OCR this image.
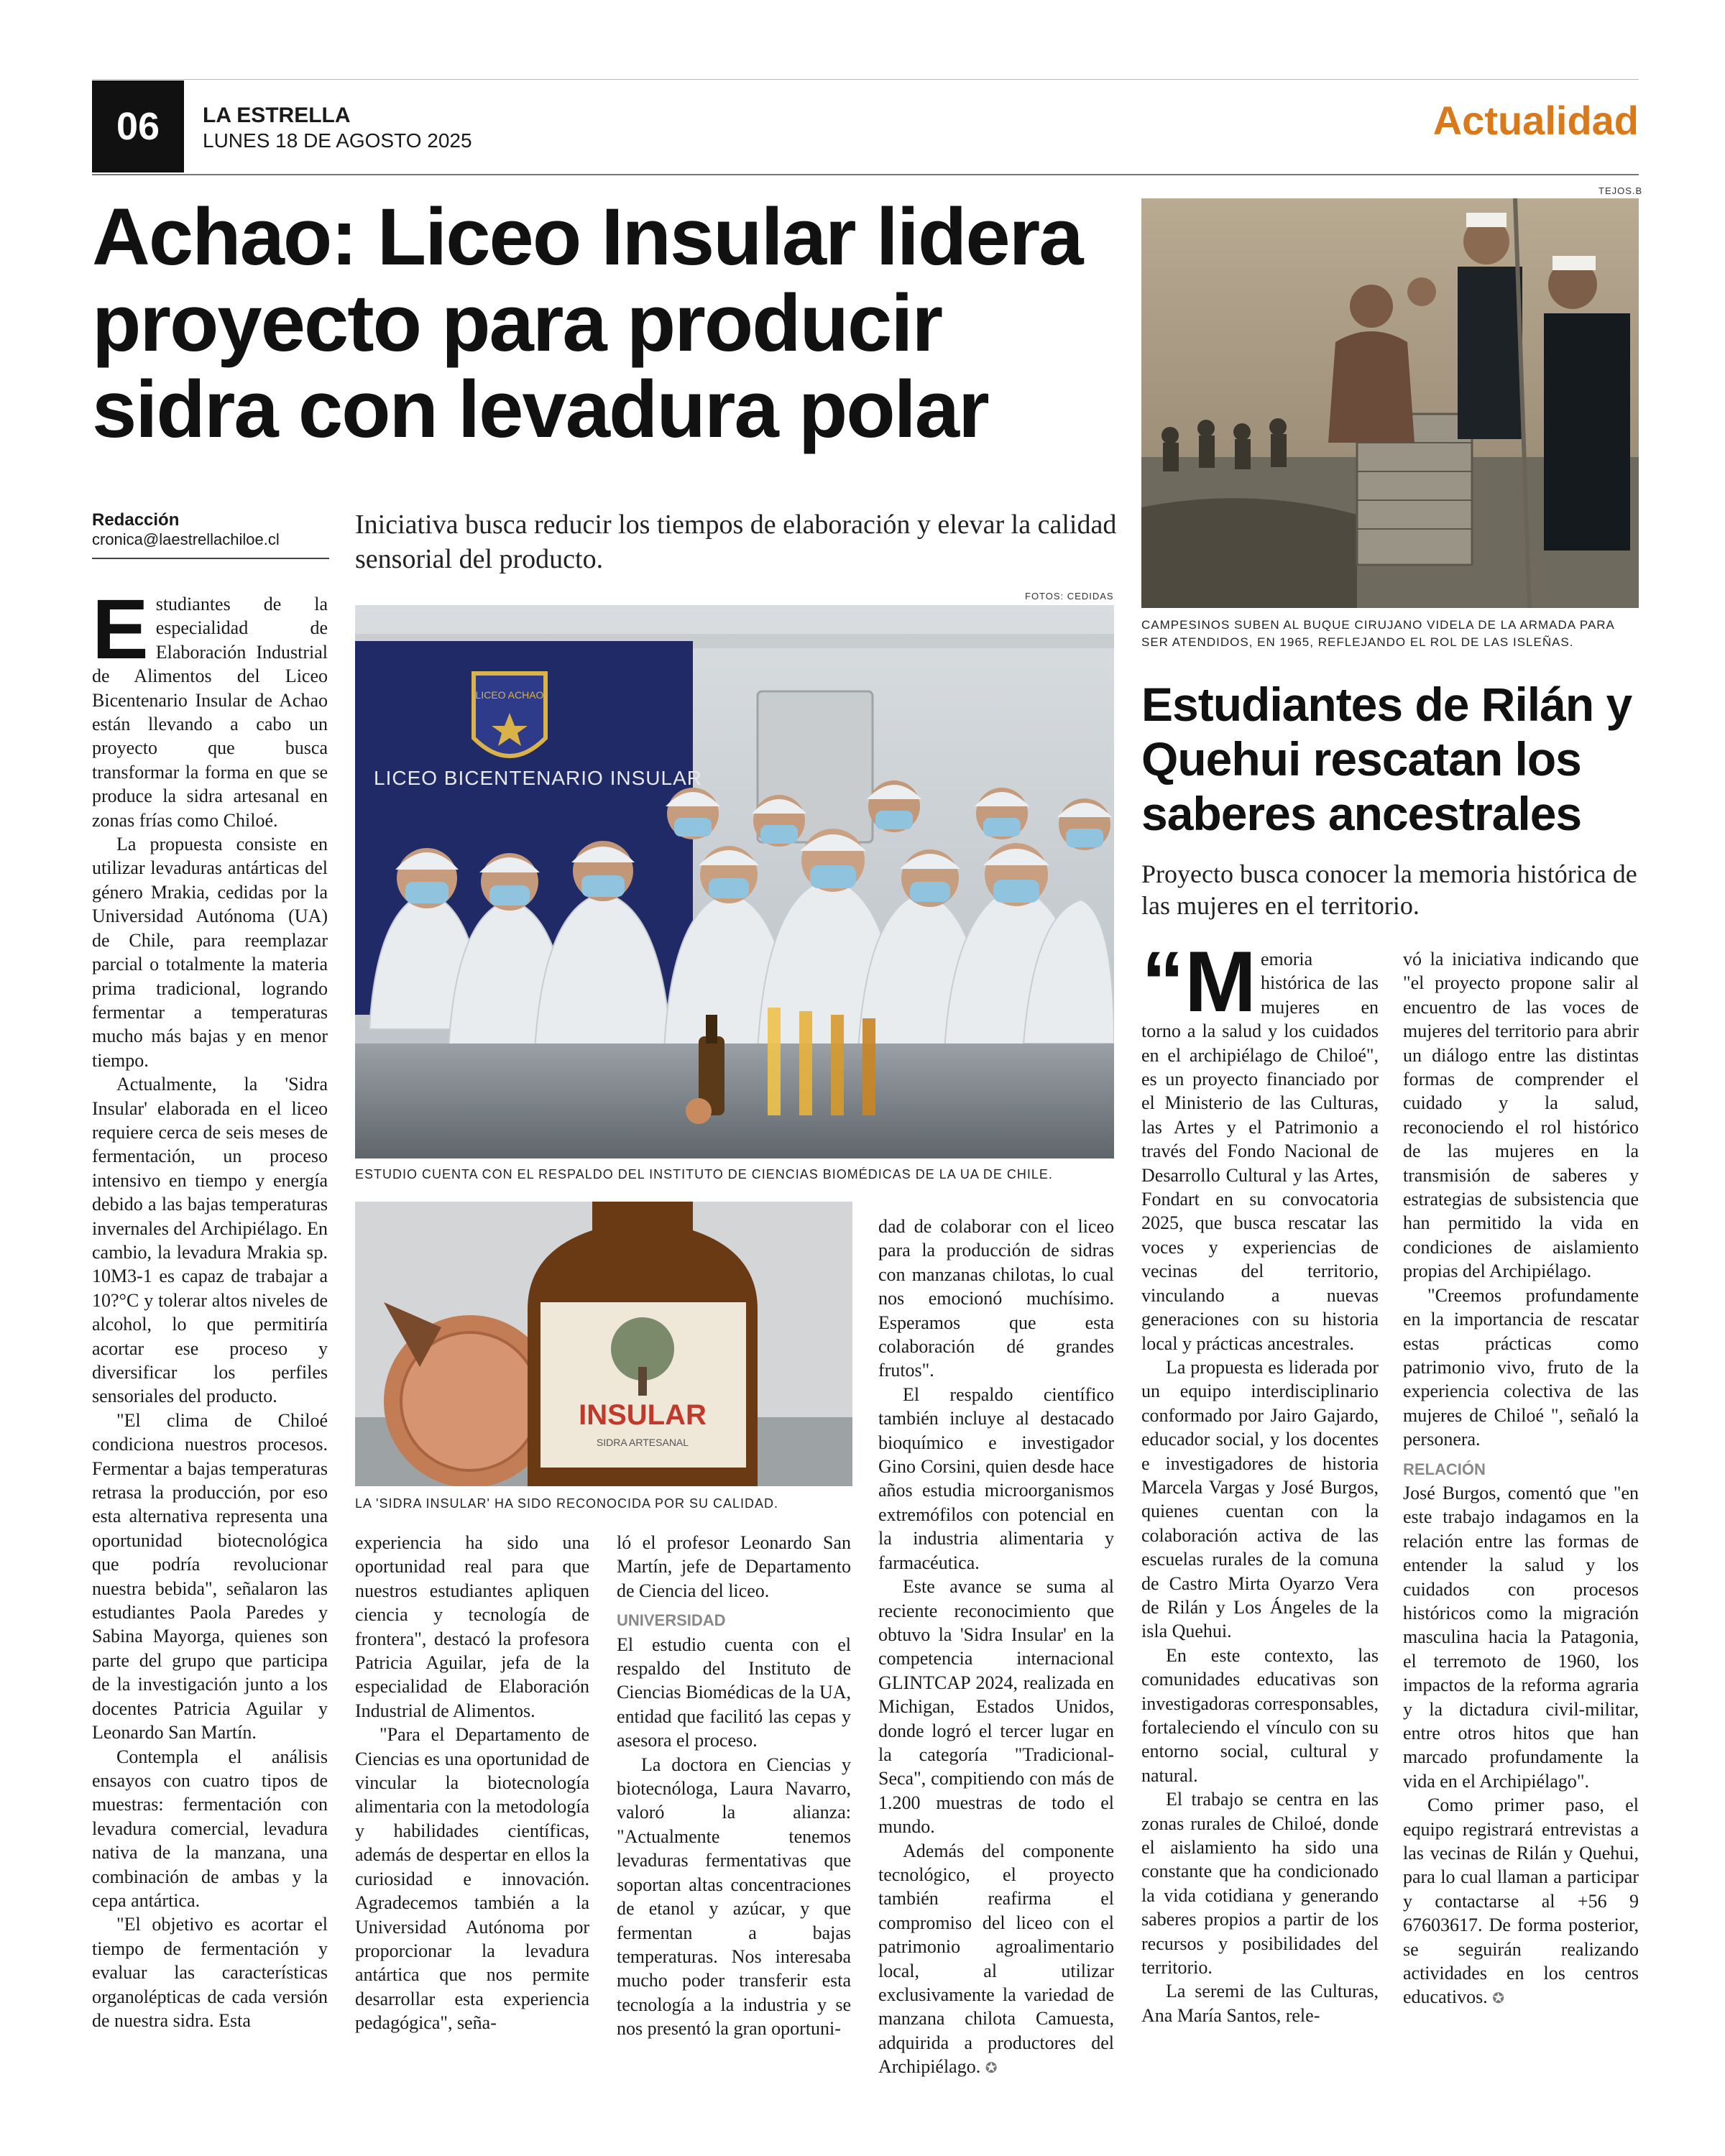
06	LA ESTRELLA
LUNES 18 DE AGOSTO 2025	Actualidad
Achao: Liceo Insular lidera proyecto para producir sidra con levadura polar
Redacción
cronica@laestrellachiloe.cl	Iniciativa busca reducir los tiempos de elaboración y elevar la calidad sensorial del producto.
FOTOS: CEDIDAS
LICEO ACHAO
LICEO BICENTENARIO INSULAR
ESTUDIO CUENTA CON EL RESPALDO DEL INSTITUTO DE CIENCIAS BIOMÉDICAS DE LA UA DE CHILE.
INSULAR
SIDRA ARTESANAL
LA 'SIDRA INSULAR' HA SIDO RECONOCIDA POR SU CALIDAD.

Estudiantes de la especialidad de Elaboración Industrial de Alimentos del Liceo Bicentenario Insular de Achao están llevando a cabo un proyecto que busca transformar la forma en que se produce la sidra artesanal en zonas frías como Chiloé.

La propuesta consiste en utilizar levaduras antárticas del género Mrakia, cedidas por la Universidad Autónoma (UA) de Chile, para reemplazar parcial o totalmente la materia prima tradicional, logrando fermentar a temperaturas mucho más bajas y en menor tiempo.

Actualmente, la 'Sidra Insular' elaborada en el liceo requiere cerca de seis meses de fermentación, un proceso intensivo en tiempo y energía debido a las bajas temperaturas invernales del Archipiélago. En cambio, la levadura Mrakia sp. 10M3-1 es capaz de trabajar a 10?°C y tolerar altos niveles de alcohol, lo que permitiría acortar ese proceso y diversificar los perfiles sensoriales del producto.

"El clima de Chiloé condiciona nuestros procesos. Fermentar a bajas temperaturas retrasa la producción, por eso esta alternativa representa una oportunidad biotecnológica que podría revolucionar nuestra bebida", señalaron las estudiantes Paola Paredes y Sabina Mayorga, quienes son parte del grupo que participa de la investigación junto a los docentes Patricia Aguilar y Leonardo San Martín.

Contempla el análisis ensayos con cuatro tipos de muestras: fermentación con levadura comercial, levadura nativa de la manzana, una combinación de ambas y la cepa antártica.

"El objetivo es acortar el tiempo de fermentación y evaluar las características organolépticas de cada versión de nuestra sidra. Esta

experiencia ha sido una oportunidad real para que nuestros estudiantes apliquen ciencia y tecnología de frontera", destacó la profesora Patricia Aguilar, jefa de la especialidad de Elaboración Industrial de Alimentos.

"Para el Departamento de Ciencias es una oportunidad de vincular la biotecnología alimentaria con la metodología y habilidades científicas, además de despertar en ellos la curiosidad e innovación. Agradecemos también a la Universidad Autónoma por proporcionar la levadura antártica que nos permite desarrollar esta experiencia pedagógica", seña-

ló el profesor Leonardo San Martín, jefe de Departamento de Ciencia del liceo.

UNIVERSIDAD

El estudio cuenta con el respaldo del Instituto de Ciencias Biomédicas de la UA, entidad que facilitó las cepas y asesora el proceso.

La doctora en Ciencias y biotecnóloga, Laura Navarro, valoró la alianza: "Actualmente tenemos levaduras fermentativas que soportan altas concentraciones de etanol y azúcar, y que fermentan a bajas temperaturas. Nos interesaba mucho poder transferir esta tecnología a la industria y se nos presentó la gran oportuni-

dad de colaborar con el liceo para la producción de sidras con manzanas chilotas, lo cual nos emocionó muchísimo. Esperamos que esta colaboración dé grandes frutos".

El respaldo científico también incluye al destacado bioquímico e investigador Gino Corsini, quien desde hace años estudia microorganismos extremófilos con potencial en la industria alimentaria y farmacéutica.

Este avance se suma al reciente reconocimiento que obtuvo la 'Sidra Insular' en la competencia internacional GLINTCAP 2024, realizada en Michigan, Estados Unidos, donde logró el tercer lugar en la categoría "Tradicional-Seca", compitiendo con más de 1.200 muestras de todo el mundo.

Además del componente tecnológico, el proyecto también reafirma el compromiso del liceo con el patrimonio agroalimentario local, al utilizar exclusivamente la variedad de manzana chilota Camuesta, adquirida a productores del Archipiélago. ✪

TEJOS.B
CAMPESINOS SUBEN AL BUQUE CIRUJANO VIDELA DE LA ARMADA PARA SER ATENDIDOS, EN 1965, REFLEJANDO EL ROL DE LAS ISLEÑAS.
Estudiantes de Rilán y Quehui rescatan los saberes ancestrales
Proyecto busca conocer la memoria histórica de las mujeres en el territorio.

“Memoria histórica de las mujeres en torno a la salud y los cuidados en el archipiélago de Chiloé", es un proyecto financiado por el Ministerio de las Culturas, las Artes y el Patrimonio a través del Fondo Nacional de Desarrollo Cultural y las Artes, Fondart en su convocatoria 2025, que busca rescatar las voces y experiencias de vecinas del territorio, vinculando a nuevas generaciones con su historia local y prácticas ancestrales.

La propuesta es liderada por un equipo interdisciplinario conformado por Jairo Gajardo, educador social, y los docentes e investigadores de historia Marcela Vargas y José Burgos, quienes cuentan con la colaboración activa de las escuelas rurales de la comuna de Castro Mirta Oyarzo Vera de Rilán y Los Ángeles de la isla Quehui.

En este contexto, las comunidades educativas son investigadoras corresponsables, fortaleciendo el vínculo con su entorno social, cultural y natural.

El trabajo se centra en las zonas rurales de Chiloé, donde el aislamiento ha sido una constante que ha condicionado la vida cotidiana y generando saberes propios a partir de los recursos y posibilidades del territorio.

La seremi de las Culturas, Ana María Santos, rele-

vó la iniciativa indicando que "el proyecto propone salir al encuentro de las voces de mujeres del territorio para abrir un diálogo entre las distintas formas de comprender el cuidado y la salud, reconociendo el rol histórico de las mujeres en la transmisión de saberes y estrategias de subsistencia que han permitido la vida en condiciones de aislamiento propias del Archipiélago.

"Creemos profundamente en la importancia de rescatar estas prácticas como patrimonio vivo, fruto de la experiencia colectiva de las mujeres de Chiloé ", señaló la personera.

RELACIÓN

José Burgos, comentó que "en este trabajo indagamos en la relación entre las formas de entender la salud y los cuidados con procesos históricos como la migración masculina hacia la Patagonia, el terremoto de 1960, los impactos de la reforma agraria y la dictadura civil-militar, entre otros hitos que han marcado profundamente la vida en el Archipiélago".

Como primer paso, el equipo registrará entrevistas a las vecinas de Rilán y Quehui, para lo cual llaman a participar y contactarse al +56 9 67603617. De forma posterior, se seguirán realizando actividades en los centros educativos. ✪
